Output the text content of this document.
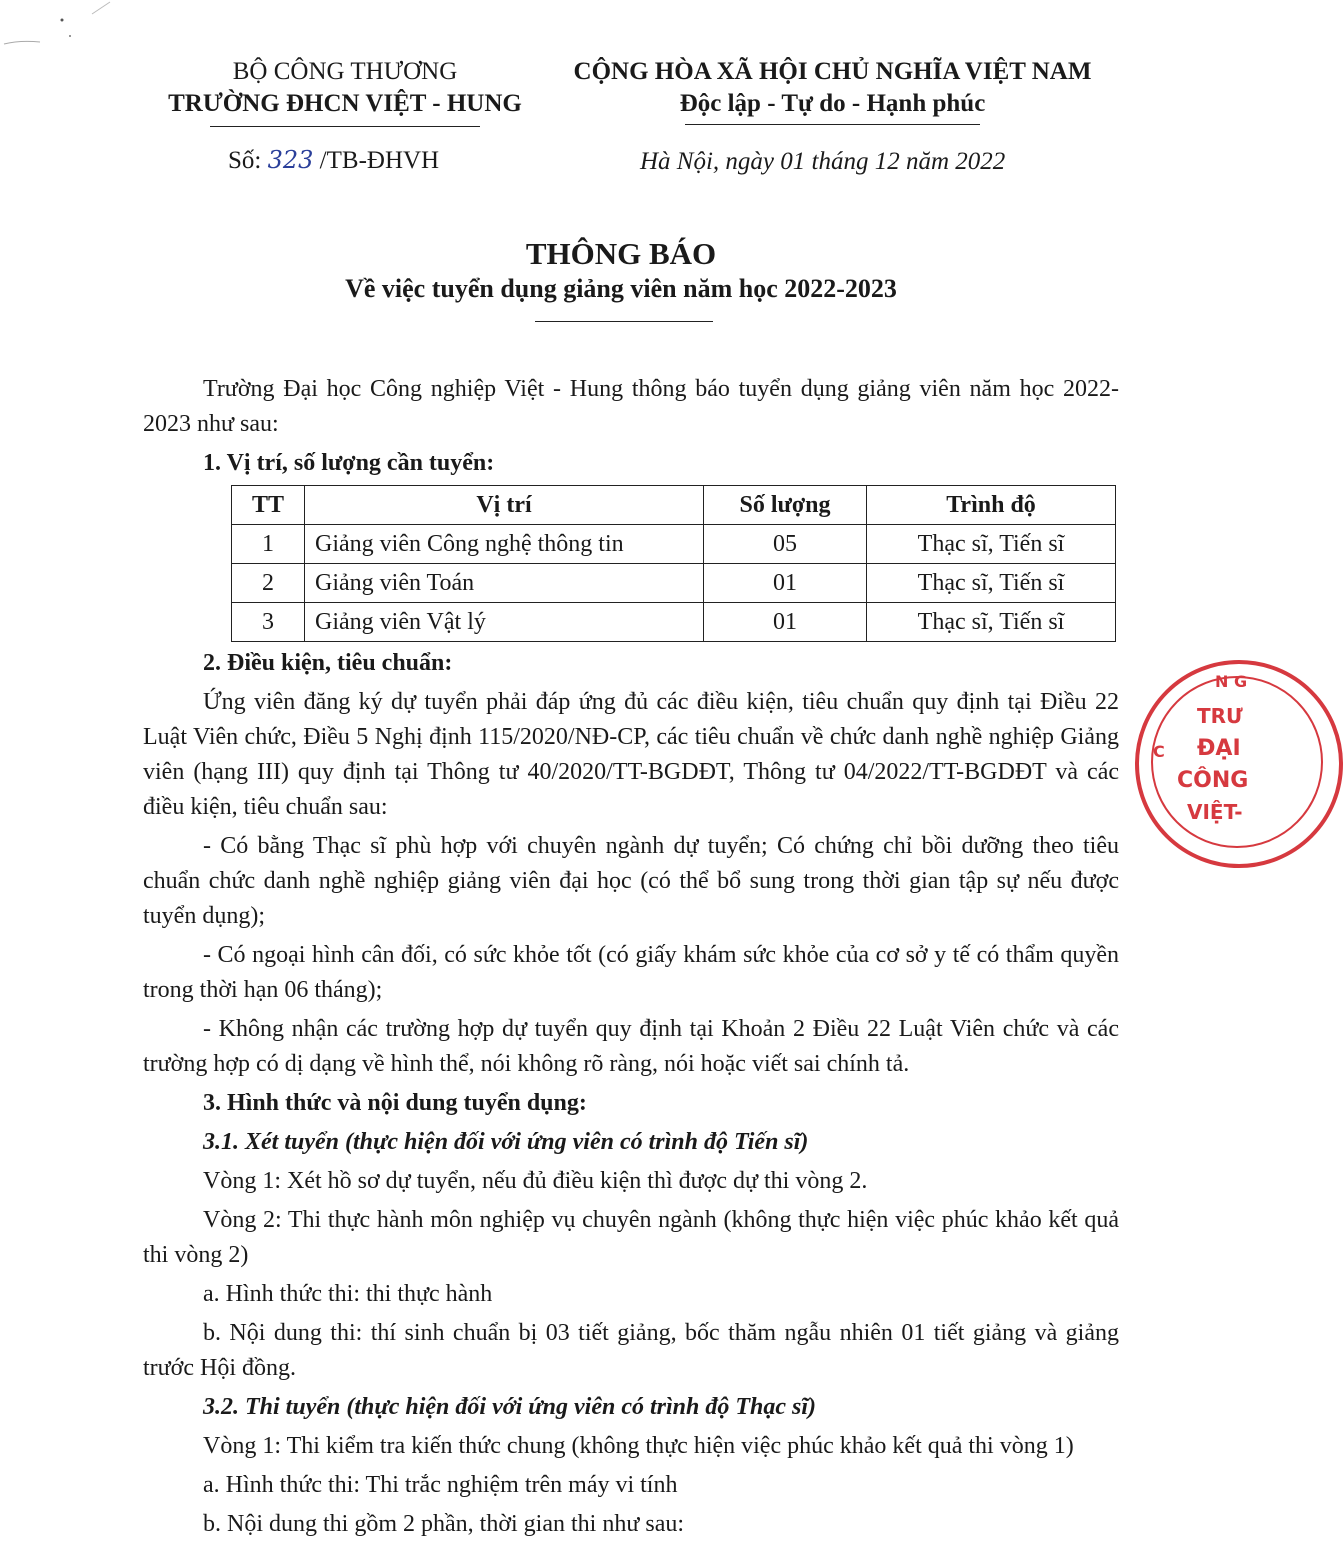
BỘ CÔNG THƯƠNG
TRƯỜNG ĐHCN VIỆT - HUNG
CỘNG HÒA XÃ HỘI CHỦ NGHĨA VIỆT NAM
Độc lập - Tự do - Hạnh phúc
Số: 323 /TB-ĐHVH	Hà Nội, ngày 01 tháng 12 năm 2022
THÔNG BÁO
Về việc tuyển dụng giảng viên năm học 2022-2023

Trường Đại học Công nghiệp Việt - Hung thông báo tuyển dụng giảng viên năm học 2022-2023 như sau:

1. Vị trí, số lượng cần tuyển:

TT	Vị trí	Số lượng	Trình độ
1	Giảng viên Công nghệ thông tin	05	Thạc sĩ, Tiến sĩ
2	Giảng viên Toán	01	Thạc sĩ, Tiến sĩ
3	Giảng viên Vật lý	01	Thạc sĩ, Tiến sĩ

2. Điều kiện, tiêu chuẩn:

Ứng viên đăng ký dự tuyển phải đáp ứng đủ các điều kiện, tiêu chuẩn quy định tại Điều 22 Luật Viên chức, Điều 5 Nghị định 115/2020/NĐ-CP, các tiêu chuẩn về chức danh nghề nghiệp Giảng viên (hạng III) quy định tại Thông tư 40/2020/TT-BGDĐT, Thông tư 04/2022/TT-BGDĐT và các điều kiện, tiêu chuẩn sau:

- Có bằng Thạc sĩ phù hợp với chuyên ngành dự tuyển; Có chứng chỉ bồi dưỡng theo tiêu chuẩn chức danh nghề nghiệp giảng viên đại học (có thể bổ sung trong thời gian tập sự nếu được tuyển dụng);

- Có ngoại hình cân đối, có sức khỏe tốt (có giấy khám sức khỏe của cơ sở y tế có thẩm quyền trong thời hạn 06 tháng);

- Không nhận các trường hợp dự tuyển quy định tại Khoản 2 Điều 22 Luật Viên chức và các trường hợp có dị dạng về hình thể, nói không rõ ràng, nói hoặc viết sai chính tả.

3. Hình thức và nội dung tuyển dụng:

3.1. Xét tuyển (thực hiện đối với ứng viên có trình độ Tiến sĩ)

Vòng 1: Xét hồ sơ dự tuyển, nếu đủ điều kiện thì được dự thi vòng 2.

Vòng 2: Thi thực hành môn nghiệp vụ chuyên ngành (không thực hiện việc phúc khảo kết quả thi vòng 2)

a. Hình thức thi: thi thực hành

b. Nội dung thi: thí sinh chuẩn bị 03 tiết giảng, bốc thăm ngẫu nhiên 01 tiết giảng và giảng trước Hội đồng.

3.2. Thi tuyển (thực hiện đối với ứng viên có trình độ Thạc sĩ)

Vòng 1: Thi kiểm tra kiến thức chung (không thực hiện việc phúc khảo kết quả thi vòng 1)

a. Hình thức thi: Thi trắc nghiệm trên máy vi tính

b. Nội dung thi gồm 2 phần, thời gian thi như sau:

TRƯ
ĐẠI
CÔNG
VIỆT-
N G
C
